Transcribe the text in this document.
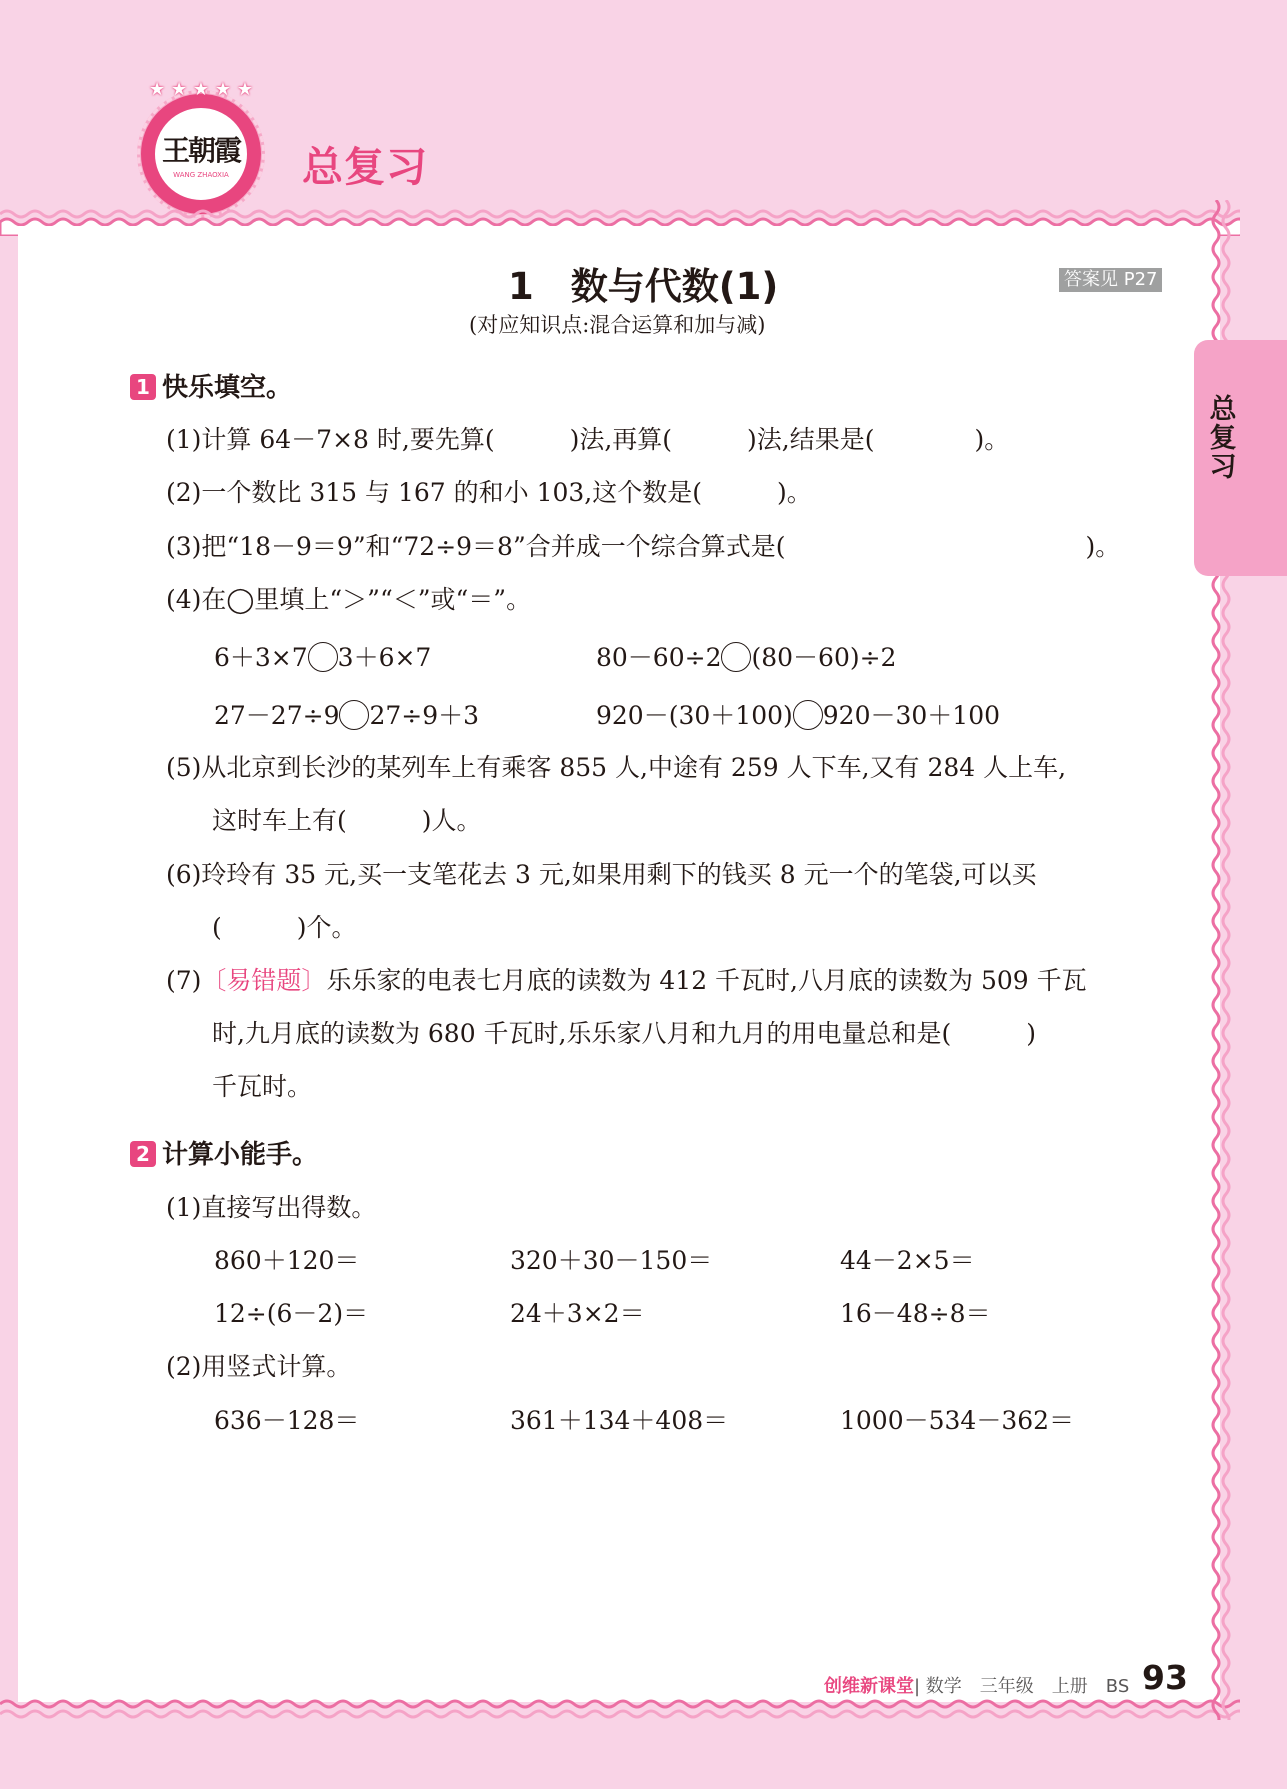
★ ★ ★ ★ ★
王朝霞
WANG ZHAOXIA 总复习
总复习
1　数与代数(1)
(对应知识点:混合运算和加与减)
答案见 P27
1 快乐填空。
(1)计算 64－7×8 时,要先算(　　　)法,再算(　　　)法,结果是(　　　　)。
(2)一个数比 315 与 167 的和小 103,这个数是(　　　)。
(3)把“18－9＝9”和“72÷9＝8”合并成一个综合算式是(　　　　　　　　　　　　)。
(4)在◯里填上“＞”“＜”或“＝”。
6＋3×7 3＋6×7	80－60÷2 (80－60)÷2
27－27÷9 27÷9＋3	920－(30＋100) 920－30＋100
(5)从北京到长沙的某列车上有乘客 855 人,中途有 259 人下车,又有 284 人上车,
这时车上有(　　　)人。
(6)玲玲有 35 元,买一支笔花去 3 元,如果用剩下的钱买 8 元一个的笔袋,可以买
(　　　)个。
(7)〔易错题〕乐乐家的电表七月底的读数为 412 千瓦时,八月底的读数为 509 千瓦
时,九月底的读数为 680 千瓦时,乐乐家八月和九月的用电量总和是(　　　)
千瓦时。
2 计算小能手。
(1)直接写出得数。
860＋120＝	320＋30－150＝	44－2×5＝
12÷(6－2)＝	24＋3×2＝	16－48÷8＝
(2)用竖式计算。
636－128＝	361＋134＋408＝	1000－534－362＝
创维新课堂| 数学　三年级　上册　BS 93
